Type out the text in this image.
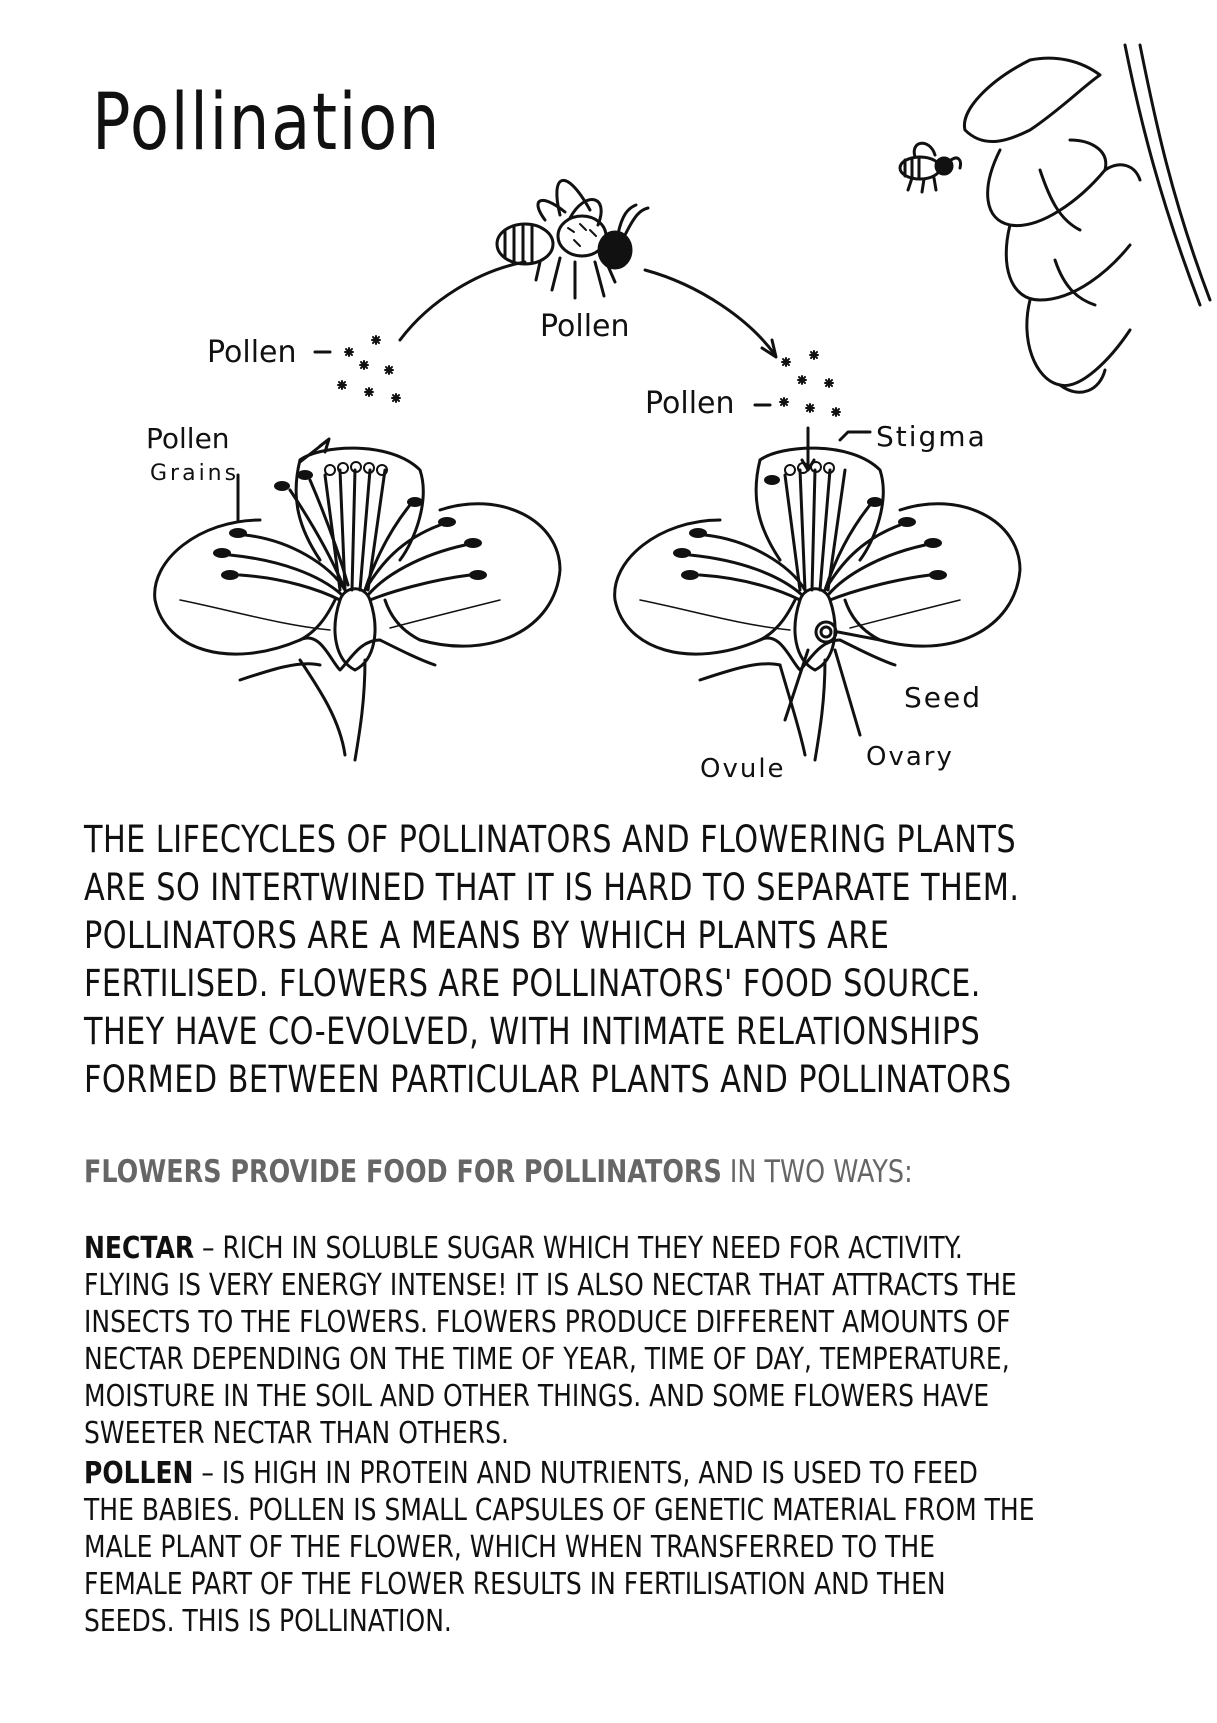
Pollination
Pollen
Pollen
Pollen
Pollen
Grains
Stigma
Seed
Ovule	Ovary
THE LIFECYCLES OF POLLINATORS AND FLOWERING PLANTS ARE SO INTERTWINED THAT IT IS HARD TO SEPARATE THEM. POLLINATORS ARE A MEANS BY WHICH PLANTS ARE FERTILISED. FLOWERS ARE POLLINATORS' FOOD SOURCE. THEY HAVE CO-EVOLVED, WITH INTIMATE RELATIONSHIPS FORMED BETWEEN PARTICULAR PLANTS AND POLLINATORS
FLOWERS PROVIDE FOOD FOR POLLINATORS IN TWO WAYS:
NECTAR – RICH IN SOLUBLE SUGAR WHICH THEY NEED FOR ACTIVITY. FLYING IS VERY ENERGY INTENSE! IT IS ALSO NECTAR THAT ATTRACTS THE INSECTS TO THE FLOWERS. FLOWERS PRODUCE DIFFERENT AMOUNTS OF NECTAR DEPENDING ON THE TIME OF YEAR, TIME OF DAY, TEMPERATURE, MOISTURE IN THE SOIL AND OTHER THINGS. AND SOME FLOWERS HAVE SWEETER NECTAR THAN OTHERS.
POLLEN – IS HIGH IN PROTEIN AND NUTRIENTS, AND IS USED TO FEED THE BABIES. POLLEN IS SMALL CAPSULES OF GENETIC MATERIAL FROM THE MALE PLANT OF THE FLOWER, WHICH WHEN TRANSFERRED TO THE FEMALE PART OF THE FLOWER RESULTS IN FERTILISATION AND THEN SEEDS. THIS IS POLLINATION.
